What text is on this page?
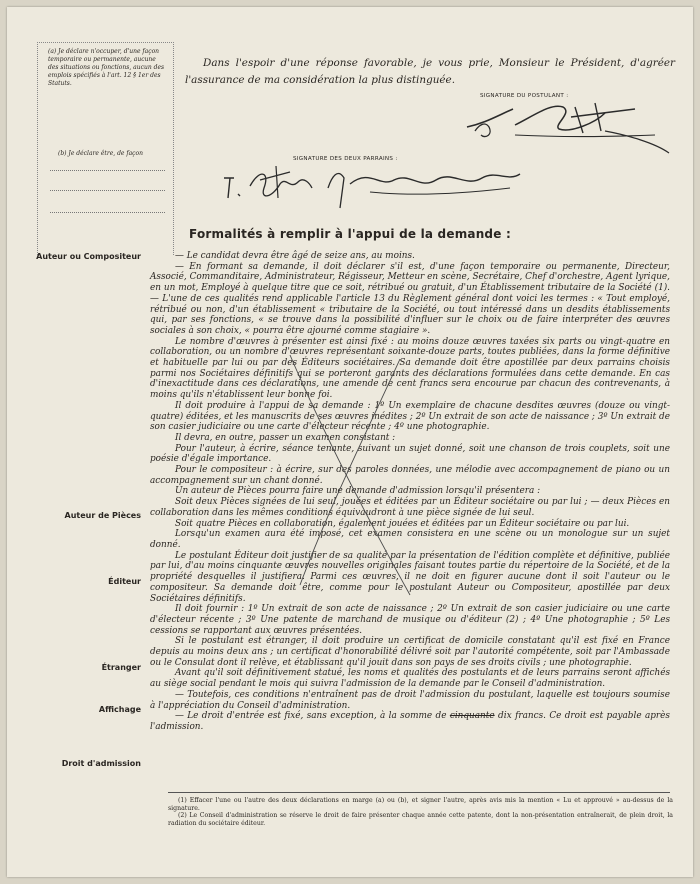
(a) Je déclare n'occuper, d'une façon temporaire ou permanente, aucune des situations ou fonctions, aucun des emplois spécifiés à l'art. 12 § 1er des Statuts.
(b) Je déclare être, de façon
Dans l'espoir d'une réponse favorable, je vous prie, Monsieur le Président, d'agréer l'assurance de ma considération la plus distinguée.
SIGNATURE DU POSTULANT :
SIGNATURE DES DEUX PARRAINS :
Formalités à remplir à l'appui de la demande :
Auteur ou Compositeur
Auteur de Pièces
Éditeur
Étranger
Affichage
Droit d'admission

— Le candidat devra être âgé de seize ans, au moins.

— En formant sa demande, il doit déclarer s'il est, d'une façon temporaire ou permanente, Directeur, Associé, Commanditaire, Administrateur, Régisseur, Metteur en scène, Secrétaire, Chef d'orchestre, Agent lyrique, en un mot, Employé à quelque titre que ce soit, rétribué ou gratuit, d'un Établissement tributaire de la Société (1). — L'une de ces qualités rend applicable l'article 13 du Règlement général dont voici les termes : « Tout employé, rétribué ou non, d'un établissement « tributaire de la Société, ou tout intéressé dans un desdits établissements qui, par ses fonctions, « se trouve dans la possibilité d'influer sur le choix ou de faire interpréter des œuvres sociales à son choix, « pourra être ajourné comme stagiaire ».

Le nombre d'œuvres à présenter est ainsi fixé : au moins douze œuvres taxées six parts ou vingt-quatre en collaboration, ou un nombre d'œuvres représentant soixante-douze parts, toutes publiées, dans la forme définitive et habituelle par lui ou par des Éditeurs sociétaires. Sa demande doit être apostillée par deux parrains choisis parmi nos Sociétaires définitifs qui se porteront garants des déclarations formulées dans cette demande. En cas d'inexactitude dans ces déclarations, une amende de cent francs sera encourue par chacun des contrevenants, à moins qu'ils n'établissent leur bonne foi.

Il doit produire à l'appui de sa demande : 1º Un exemplaire de chacune desdites œuvres (douze ou vingt-quatre) éditées, et les manuscrits de ses œuvres inédites ; 2º Un extrait de son acte de naissance ; 3º Un extrait de son casier judiciaire ou une carte d'électeur récente ; 4º une photographie.

Il devra, en outre, passer un examen consistant :

Pour l'auteur, à écrire, séance tenante, suivant un sujet donné, soit une chanson de trois couplets, soit une poésie d'égale importance.

Pour le compositeur : à écrire, sur des paroles données, une mélodie avec accompagnement de piano ou un accompagnement sur un chant donné.

Un auteur de Pièces pourra faire une demande d'admission lorsqu'il présentera :

Soit deux Pièces signées de lui seul, jouées et éditées par un Éditeur sociétaire ou par lui ; — deux Pièces en collaboration dans les mêmes conditions équivaudront à une pièce signée de lui seul.

Soit quatre Pièces en collaboration, également jouées et éditées par un Éditeur sociétaire ou par lui.

Lorsqu'un examen aura été imposé, cet examen consistera en une scène ou un monologue sur un sujet donné.

Le postulant Éditeur doit justifier de sa qualité par la présentation de l'édition complète et définitive, publiée par lui, d'au moins cinquante œuvres nouvelles originales faisant toutes partie du répertoire de la Société, et de la propriété desquelles il justifiera. Parmi ces œuvres, il ne doit en figurer aucune dont il soit l'auteur ou le compositeur. Sa demande doit être, comme pour le postulant Auteur ou Compositeur, apostillée par deux Sociétaires définitifs.

Il doit fournir : 1º Un extrait de son acte de naissance ; 2º Un extrait de son casier judiciaire ou une carte d'électeur récente ; 3º Une patente de marchand de musique ou d'éditeur (2) ; 4º Une photographie ; 5º Les cessions se rapportant aux œuvres présentées.

Si le postulant est étranger, il doit produire un certificat de domicile constatant qu'il est fixé en France depuis au moins deux ans ; un certificat d'honorabilité délivré soit par l'autorité compétente, soit par l'Ambassade ou le Consulat dont il relève, et établissant qu'il jouit dans son pays de ses droits civils ; une photographie.

Avant qu'il soit définitivement statué, les noms et qualités des postulants et de leurs parrains seront affichés au siège social pendant le mois qui suivra l'admission de la demande par le Conseil d'administration.

— Toutefois, ces conditions n'entraînent pas de droit l'admission du postulant, laquelle est toujours soumise à l'appréciation du Conseil d'administration.

— Le droit d'entrée est fixé, sans exception, à la somme de cinquante dix francs. Ce droit est payable après l'admission.

(1) Effacer l'une ou l'autre des deux déclarations en marge (a) ou (b), et signer l'autre, après avis mis la mention « Lu et approuvé » au-dessus de la signature.

(2) Le Conseil d'administration se réserve le droit de faire présenter chaque année cette patente, dont la non-présentation entraînerait, de plein droit, la radiation du sociétaire éditeur.
